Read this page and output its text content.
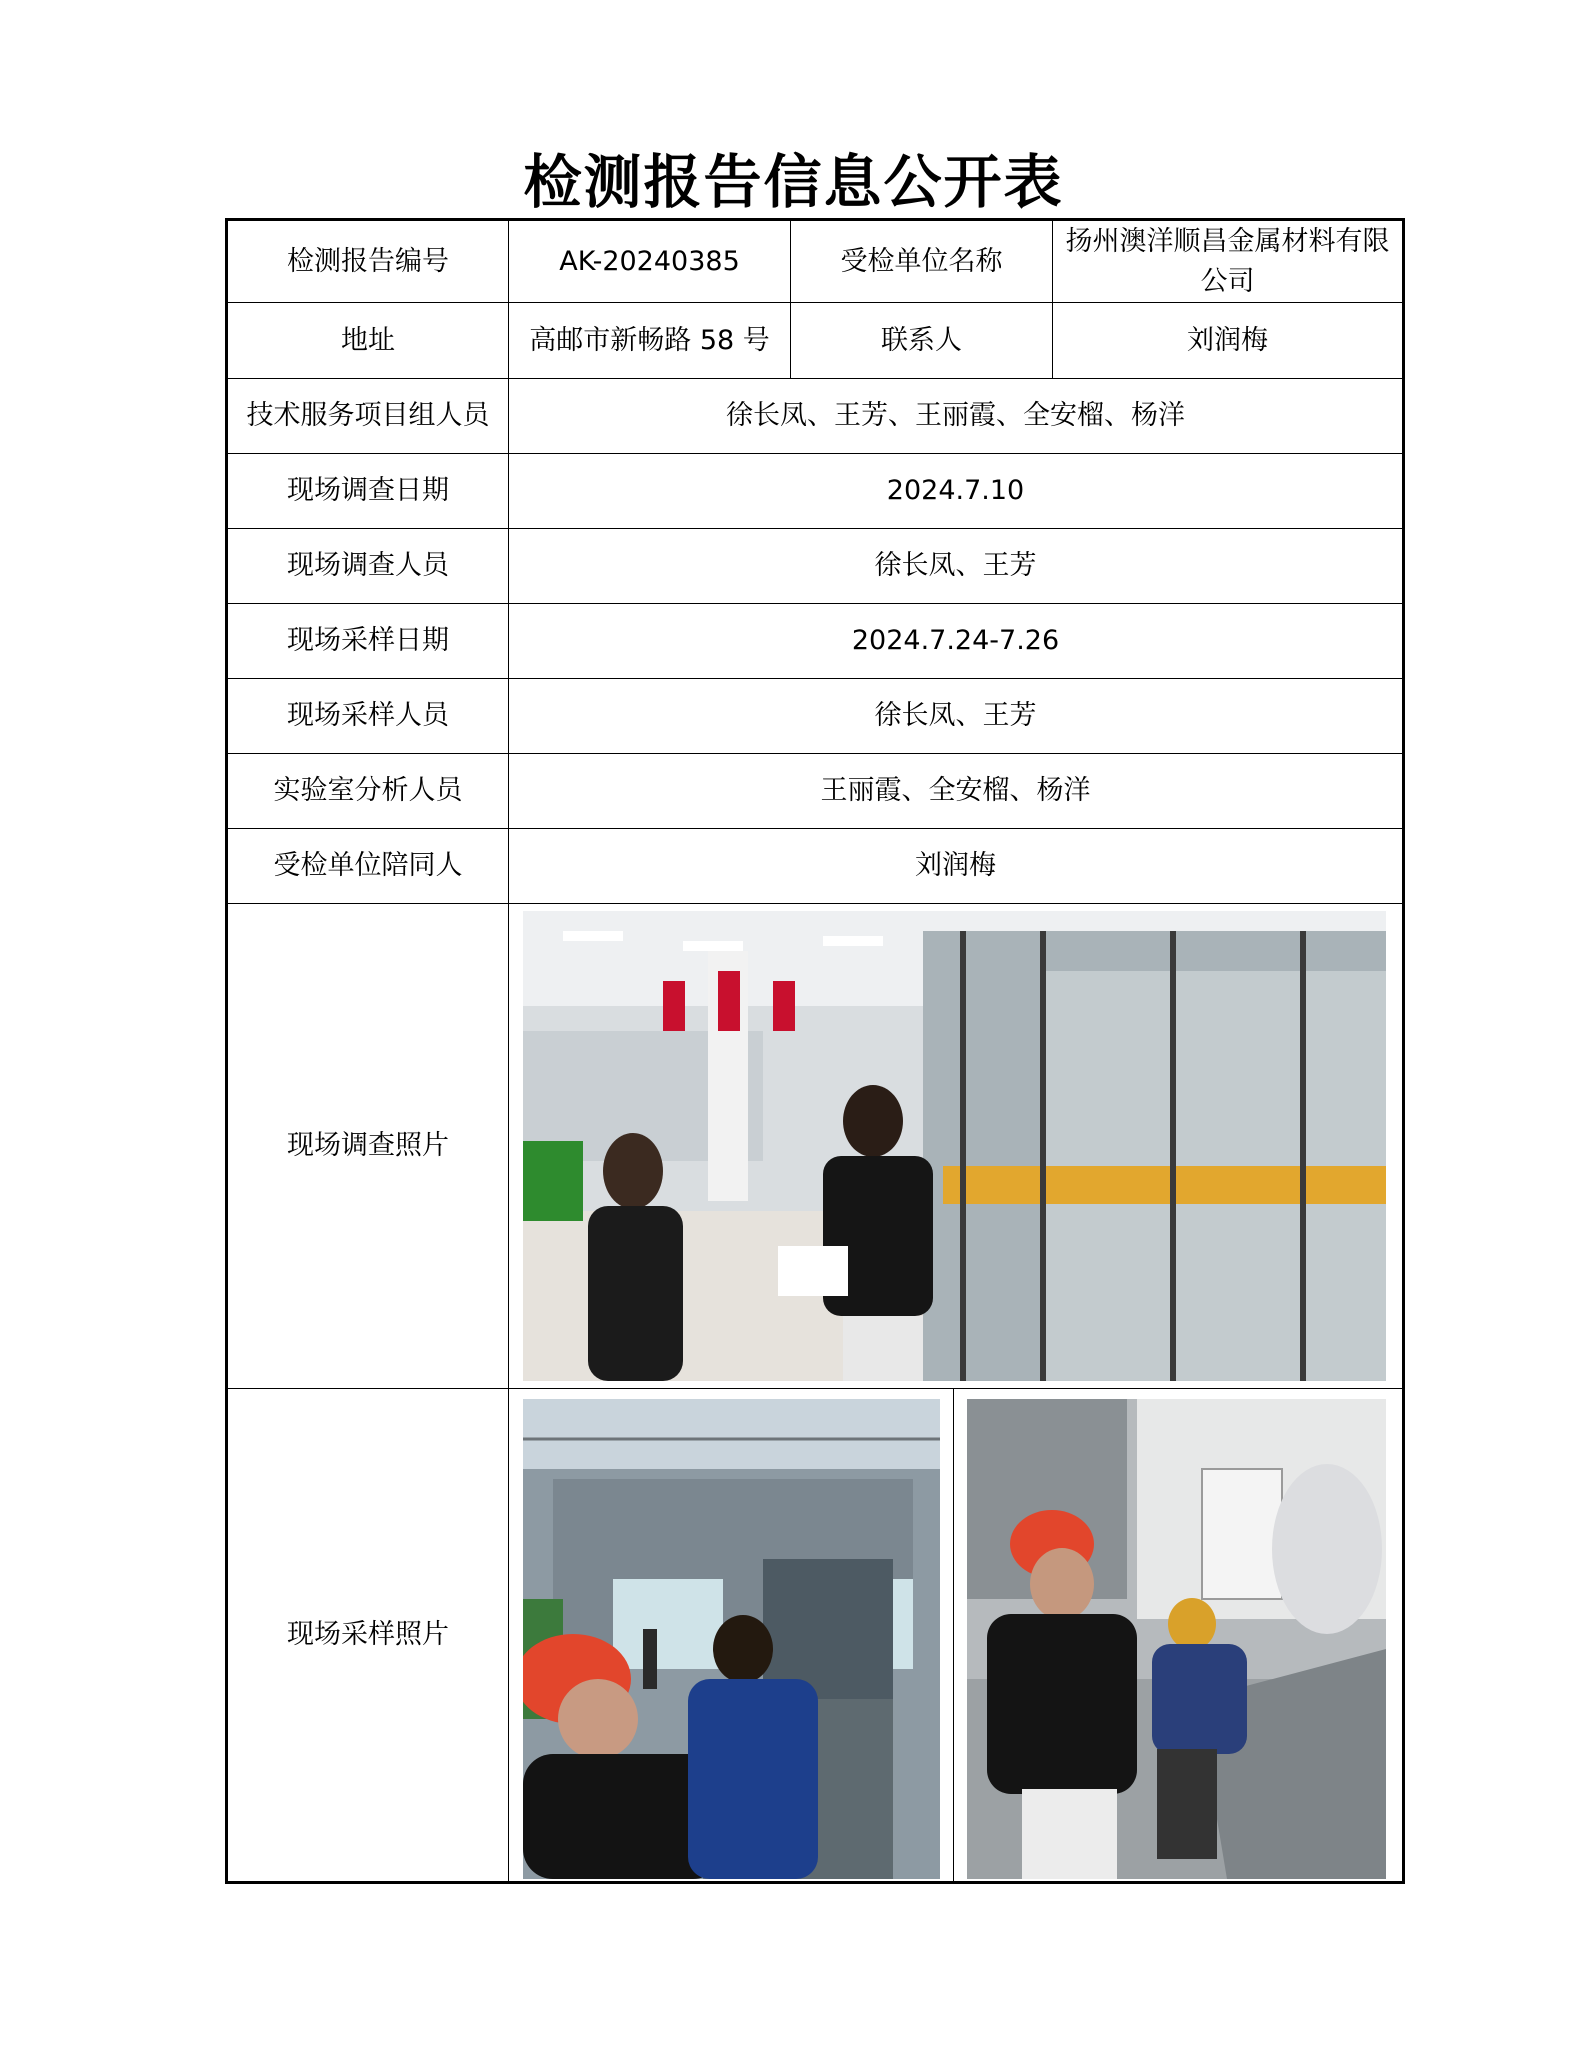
检测报告信息公开表
检测报告编号	AK-20240385	受检单位名称	扬州澳洋顺昌金属材料有限公司
地址	高邮市新畅路 58 号	联系人	刘润梅
技术服务项目组人员	徐长凤、王芳、王丽霞、全安榴、杨洋		
现场调查日期	2024.7.10		
现场调查人员	徐长凤、王芳		
现场采样日期	2024.7.24-7.26		
现场采样人员	徐长凤、王芳		
实验室分析人员	王丽霞、全安榴、杨洋		
受检单位陪同人	刘润梅		
现场调查照片	

现场采样照片	
